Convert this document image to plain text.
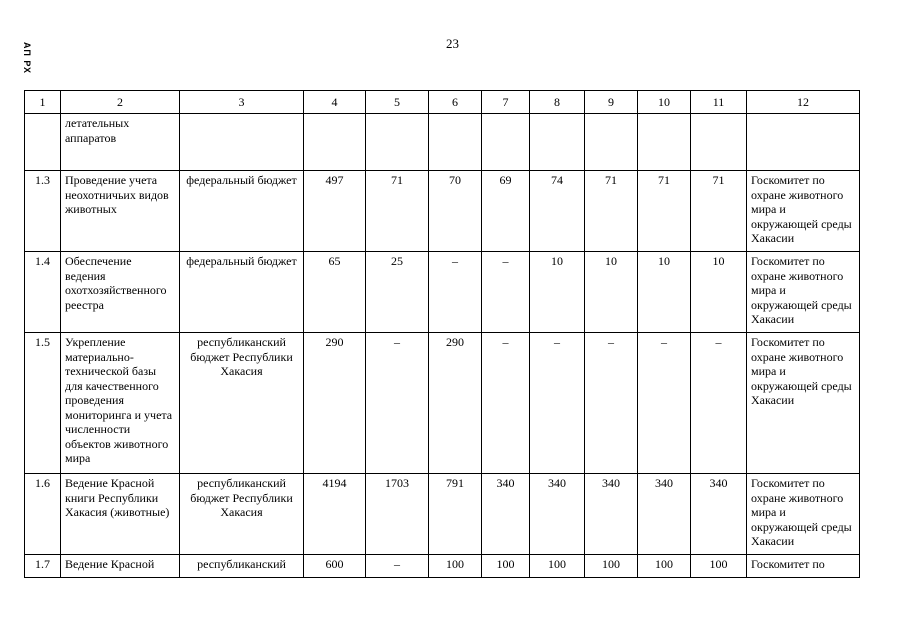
23
АП РХ
1	2	3	4	5	6	7	8	9	10	11	12
	летательных аппаратов										
1.3	Проведение учета неохотничьих видов животных	федеральный бюджет	497	71	70	69	74	71	71	71	Госкомитет по охране животного мира и окружающей среды Хакасии
1.4	Обеспечение ведения охотхозяйственного реестра	федеральный бюджет	65	25	–	–	10	10	10	10	Госкомитет по охране животного мира и окружающей среды Хакасии
1.5	Укрепление материально-технической базы для качественного проведения мониторинга и учета численности объектов животного мира	республиканский бюджет Республики Хакасия	290	–	290	–	–	–	–	–	Госкомитет по охране животного мира и окружающей среды Хакасии
1.6	Ведение Красной книги Республики Хакасия (животные)	республиканский бюджет Республики Хакасия	4194	1703	791	340	340	340	340	340	Госкомитет по охране животного мира и окружающей среды Хакасии
1.7	Ведение Красной	республиканский	600	–	100	100	100	100	100	100	Госкомитет по
